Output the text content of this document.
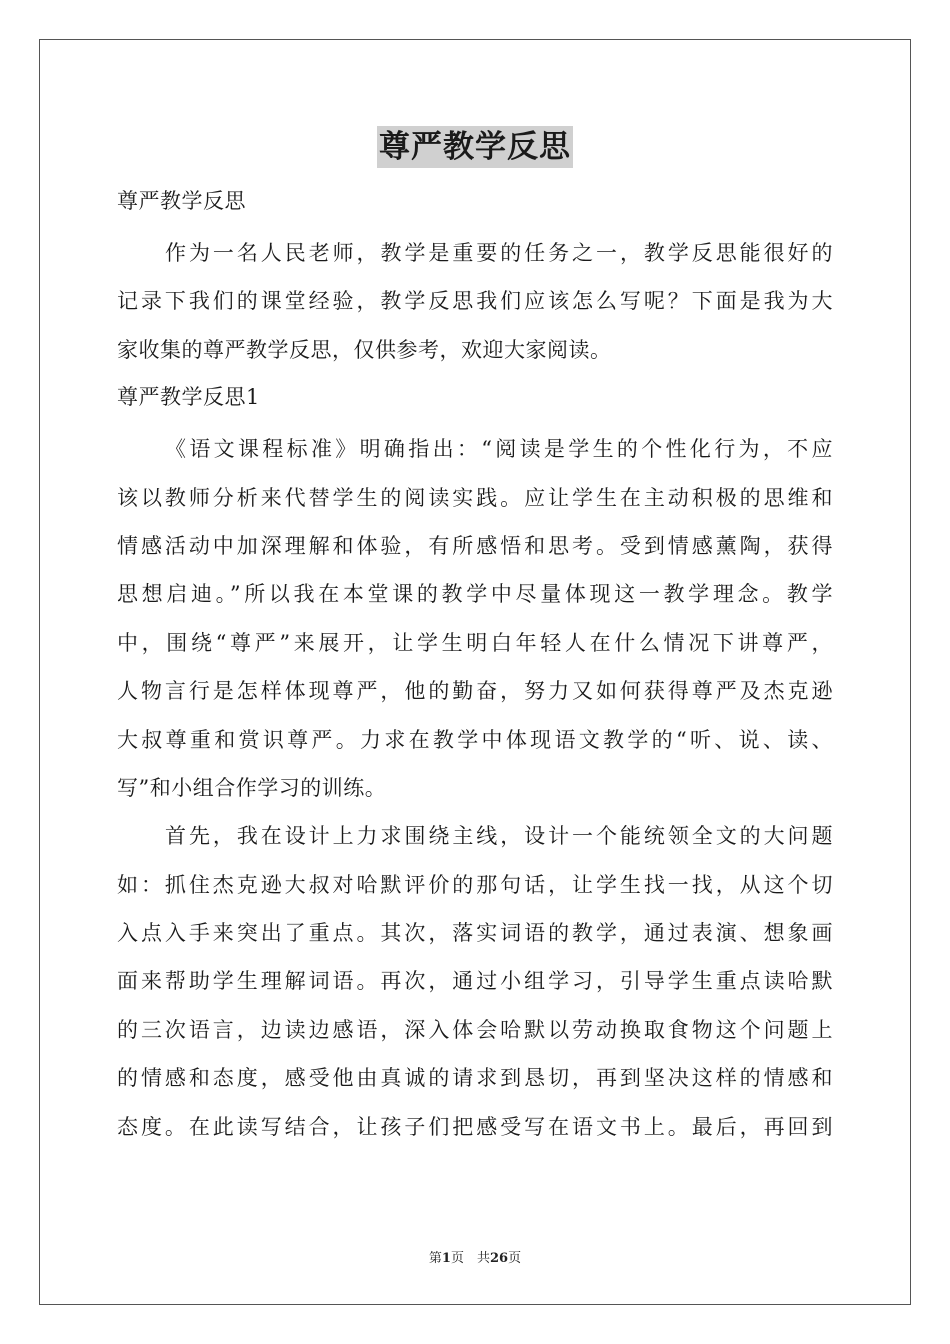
尊严教学反思
尊严教学反思
作为一名人民老师，教学是重要的任务之一，教学反思能很好的
记录下我们的课堂经验，教学反思我们应该怎么写呢？下面是我为大
家收集的尊严教学反思，仅供参考，欢迎大家阅读。
尊严教学反思1
《语文课程标准》明确指出：“阅读是学生的个性化行为，不应
该以教师分析来代替学生的阅读实践。应让学生在主动积极的思维和
情感活动中加深理解和体验，有所感悟和思考。受到情感薰陶，获得
思想启迪。”所以我在本堂课的教学中尽量体现这一教学理念。教学
中，围绕“尊严”来展开，让学生明白年轻人在什么情况下讲尊严，
人物言行是怎样体现尊严，他的勤奋，努力又如何获得尊严及杰克逊
大叔尊重和赏识尊严。力求在教学中体现语文教学的“听、说、读、
写”和小组合作学习的训练。
首先，我在设计上力求围绕主线，设计一个能统领全文的大问题
如：抓住杰克逊大叔对哈默评价的那句话，让学生找一找，从这个切
入点入手来突出了重点。其次，落实词语的教学，通过表演、想象画
面来帮助学生理解词语。再次，通过小组学习，引导学生重点读哈默
的三次语言，边读边感语，深入体会哈默以劳动换取食物这个问题上
的情感和态度，感受他由真诚的请求到恳切，再到坚决这样的情感和
态度。在此读写结合，让孩子们把感受写在语文书上。最后，再回到
第1页　共26页
